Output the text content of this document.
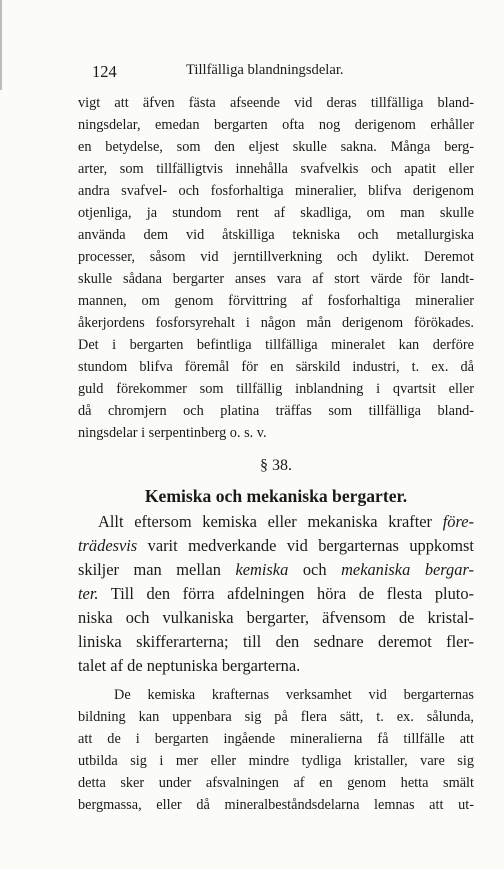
124	Tillfälliga blandningsdelar.
vigt att äfven fästa afseende vid deras tillfälliga bland-
ningsdelar, emedan bergarten ofta nog derigenom erhåller
en betydelse, som den eljest skulle sakna. Många berg-
arter, som tillfälligtvis innehålla svafvelkis och apatit eller
andra svafvel- och fosforhaltiga mineralier, blifva derigenom
otjenliga, ja stundom rent af skadliga, om man skulle
använda dem vid åtskilliga tekniska och metallurgiska
processer, såsom vid jerntillverkning och dylikt. Deremot
skulle sådana bergarter anses vara af stort värde för landt-
mannen, om genom förvittring af fosforhaltiga mineralier
åkerjordens fosforsyrehalt i någon mån derigenom förökades.
Det i bergarten befintliga tillfälliga mineralet kan derföre
stundom blifva föremål för en särskild industri, t. ex. då
guld förekommer som tillfällig inblandning i qvartsit eller
då chromjern och platina träffas som tillfälliga bland-
ningsdelar i serpentinberg o. s. v.
§ 38.
Kemiska och mekaniska bergarter.
Allt eftersom kemiska eller mekaniska krafter före-
trädesvis varit medverkande vid bergarternas uppkomst
skiljer man mellan kemiska och mekaniska bergar-
ter. Till den förra afdelningen höra de flesta pluto-
niska och vulkaniska bergarter, äfvensom de kristal-
liniska skifferarterna; till den sednare deremot fler-
talet af de neptuniska bergarterna.
De kemiska krafternas verksamhet vid bergarternas
bildning kan uppenbara sig på flera sätt, t. ex. sålunda,
att de i bergarten ingående mineralierna få tillfälle att
utbilda sig i mer eller mindre tydliga kristaller, vare sig
detta sker under afsvalningen af en genom hetta smält
bergmassa, eller då mineralbeståndsdelarna lemnas att ut-
